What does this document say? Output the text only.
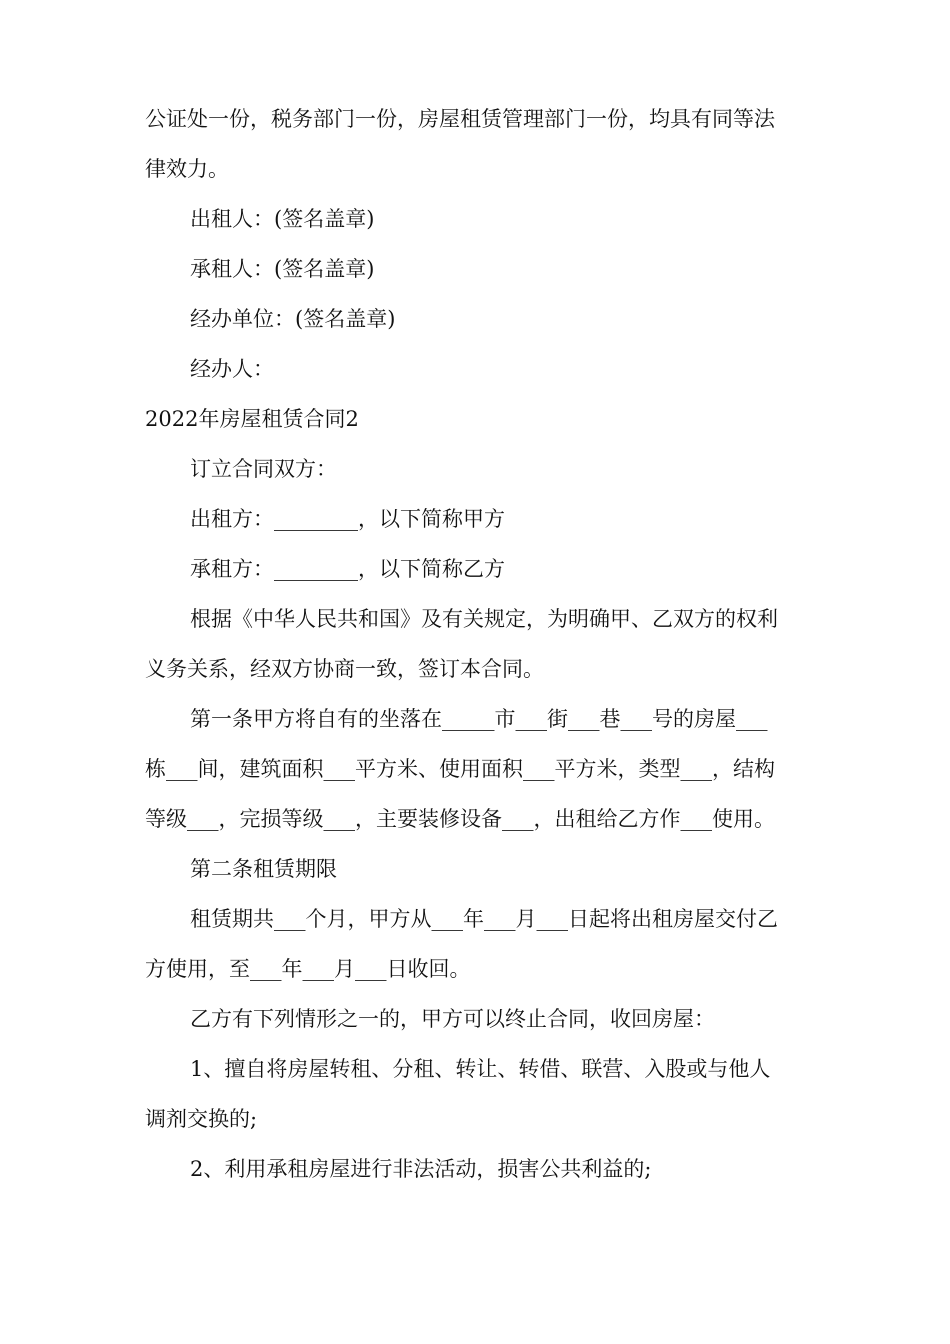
公证处一份，税务部门一份，房屋租赁管理部门一份，均具有同等法
律效力。
出租人：(签名盖章)
承租人：(签名盖章)
经办单位：(签名盖章)
经办人：
2022年房屋租赁合同2
订立合同双方：
出租方：________，以下简称甲方
承租方：________，以下简称乙方
根据《中华人民共和国》及有关规定，为明确甲、乙双方的权利
义务关系，经双方协商一致，签订本合同。
第一条甲方将自有的坐落在_____市___街___巷___号的房屋___
栋___间，建筑面积___平方米、使用面积___平方米，类型___，结构
等级___，完损等级___，主要装修设备___，出租给乙方作___使用。
第二条租赁期限
租赁期共___个月，甲方从___年___月___日起将出租房屋交付乙
方使用，至___年___月___日收回。
乙方有下列情形之一的，甲方可以终止合同，收回房屋：
1、擅自将房屋转租、分租、转让、转借、联营、入股或与他人
调剂交换的;
2、利用承租房屋进行非法活动，损害公共利益的;
